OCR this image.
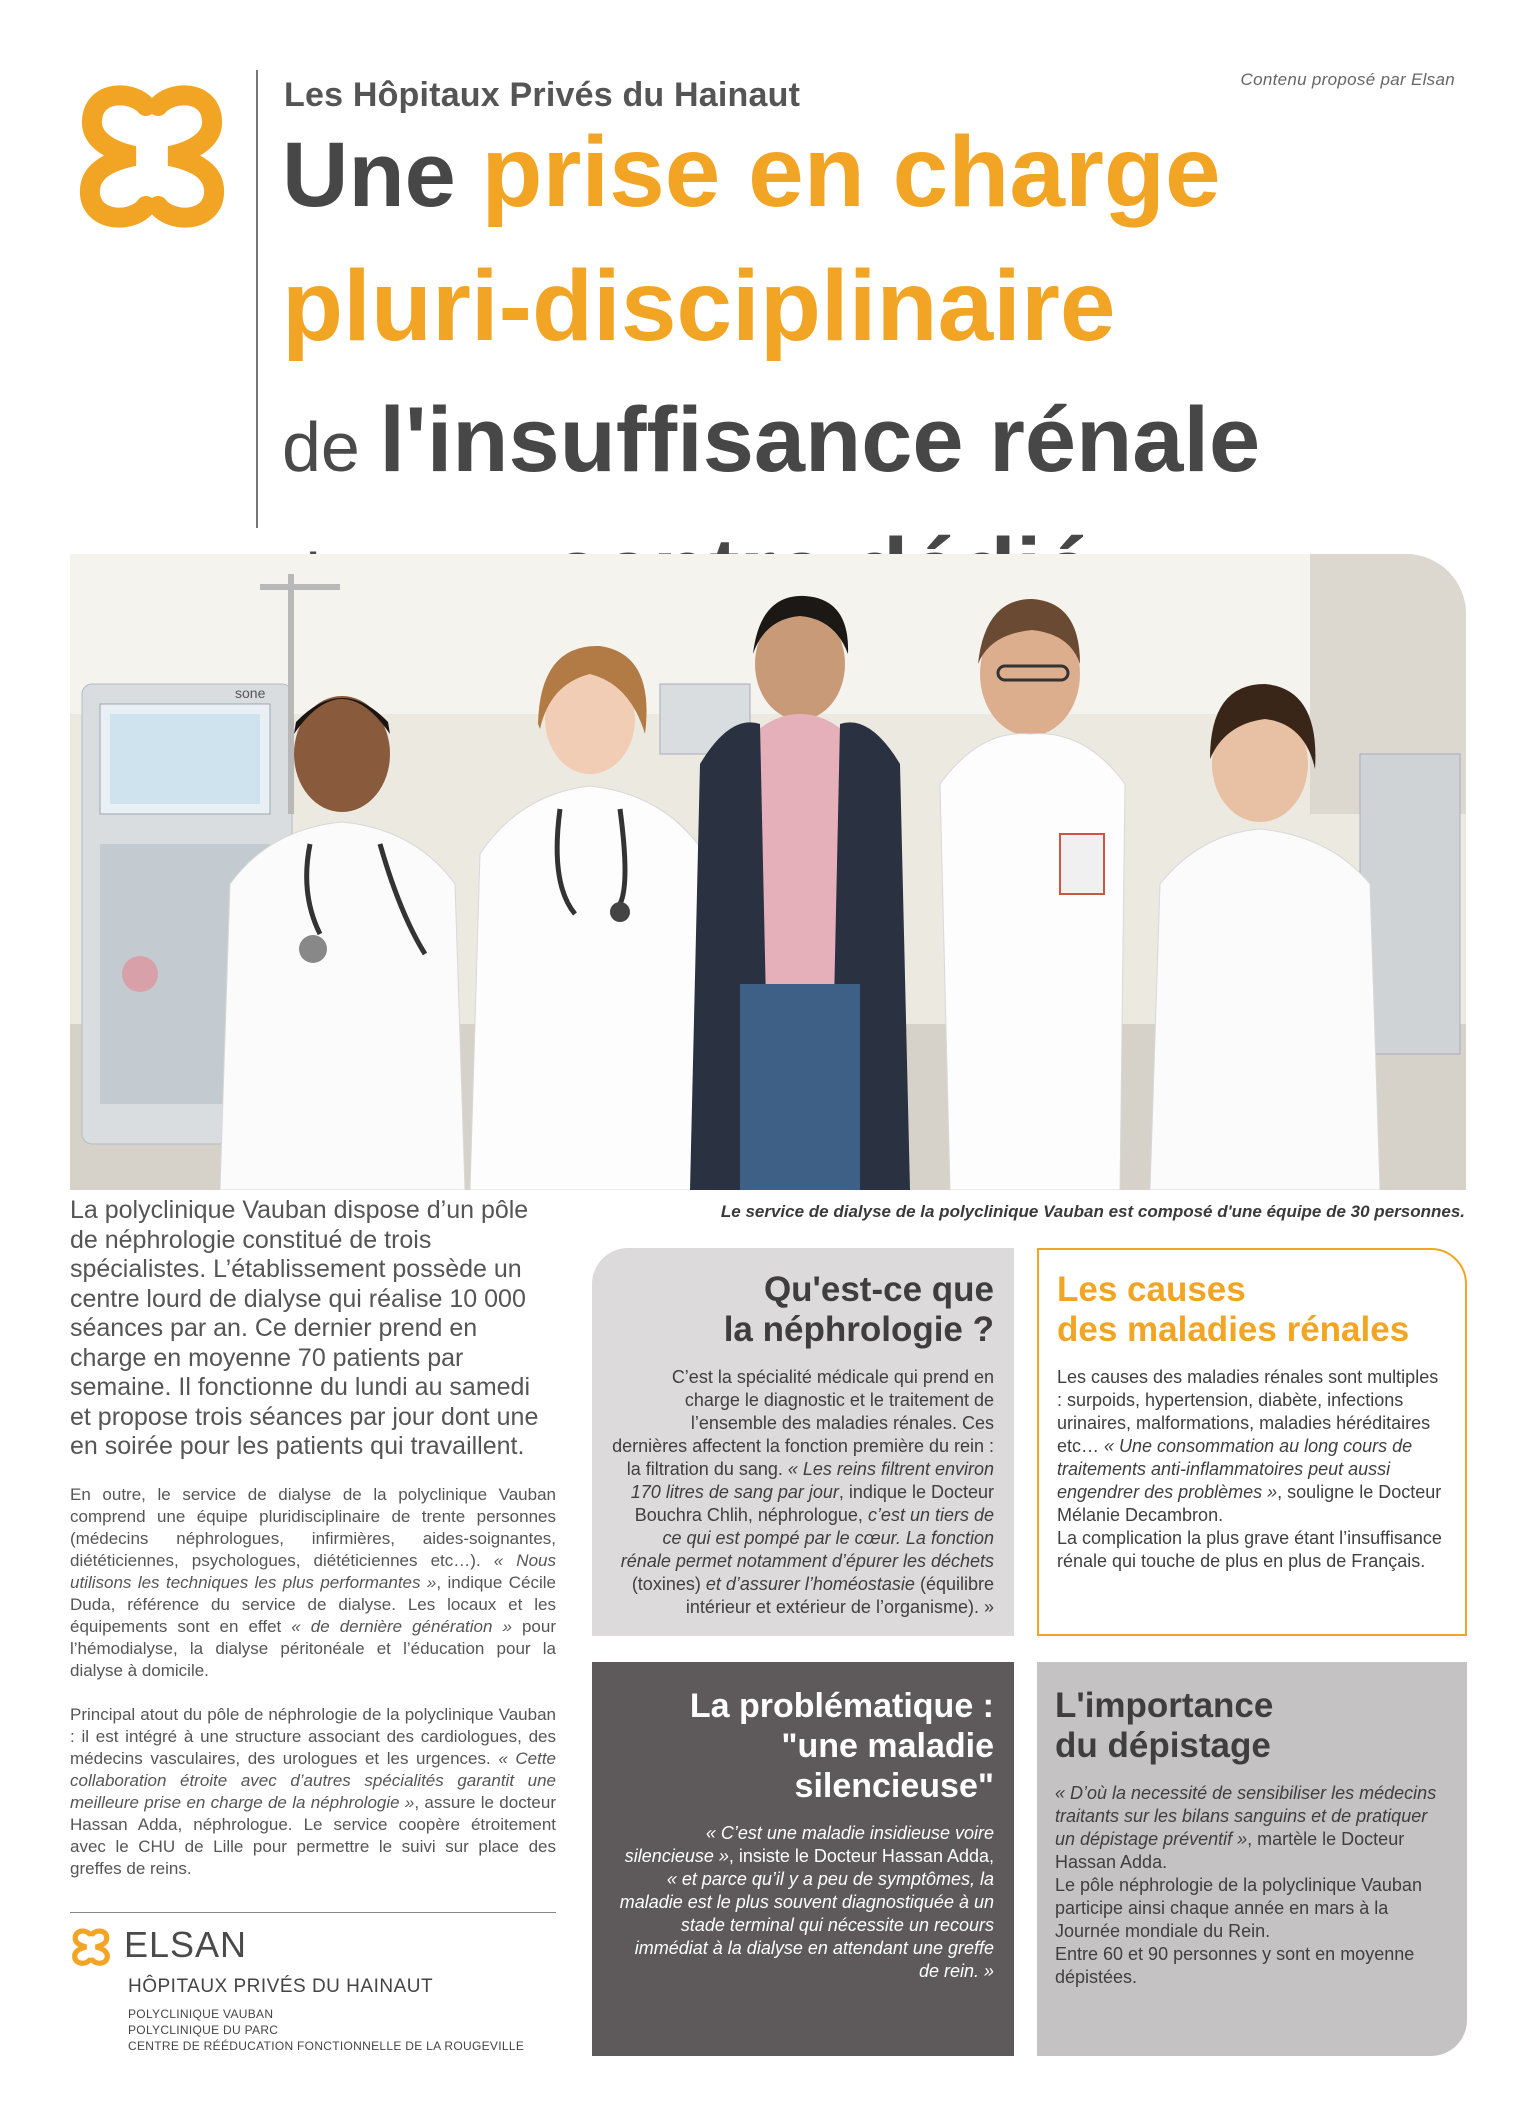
Les Hôpitaux Privés du Hainaut	Contenu proposé par Elsan
Une prise en charge
pluri-disciplinaire
de l'insuffisance rénale
sone
Le service de dialyse de la polyclinique Vauban est composé d'une équipe de 30 personnes.
La polyclinique Vauban dispose d’un pôle de néphrologie constitué de trois spécialistes. L’établissement possède un centre lourd de dialyse qui réalise 10 000 séances par an. Ce dernier prend en charge en moyenne 70 patients par semaine. Il fonctionne du lundi au samedi et propose trois séances par jour dont une en soirée pour les patients qui travaillent.
En outre, le service de dialyse de la polyclinique Vauban comprend une équipe pluridisciplinaire de trente personnes (médecins néphrologues, infirmières, aides-soignantes, diététiciennes, psychologues, diététiciennes etc…). « Nous utilisons les techniques les plus performantes », indique Cécile Duda, référence du service de dialyse. Les locaux et les équipements sont en effet « de dernière génération » pour l’hémodialyse, la dialyse péritonéale et l’éducation pour la dialyse à domicile.
Principal atout du pôle de néphrologie de la polyclinique Vauban : il est intégré à une structure associant des cardiologues, des médecins vasculaires, des urologues et les urgences. « Cette collaboration étroite avec d’autres spécialités garantit une meilleure prise en charge de la néphrologie », assure le docteur Hassan Adda, néphrologue. Le service coopère étroitement avec le CHU de Lille pour permettre le suivi sur place des greffes de reins.
ELSAN
HÔPITAUX PRIVÉS DU HAINAUT
POLYCLINIQUE VAUBAN
POLYCLINIQUE DU PARC
CENTRE DE RÉÉDUCATION FONCTIONNELLE DE LA ROUGEVILLE
Qu'est-ce que
la néphrologie ?
C’est la spécialité médicale qui prend en charge le diagnostic et le traitement de l’ensemble des maladies rénales. Ces dernières affectent la fonction première du rein : la filtration du sang. « Les reins filtrent environ 170 litres de sang par jour, indique le Docteur Bouchra Chlih, néphrologue, c’est un tiers de ce qui est pompé par le cœur. La fonction rénale permet notamment d’épurer les déchets (toxines) et d’assurer l’homéostasie (équilibre intérieur et extérieur de l’organisme). »
Les causes
des maladies rénales
Les causes des maladies rénales sont multiples : surpoids, hypertension, diabète, infections urinaires, malformations, maladies héréditaires etc… « Une consommation au long cours de traitements anti-inflammatoires peut aussi engendrer des problèmes », souligne le Docteur Mélanie Decambron.
La complication la plus grave étant l’insuffisance rénale qui touche de plus en plus de Français.
La problématique :
"une maladie silencieuse"
« C’est une maladie insidieuse voire silencieuse », insiste le Docteur Hassan Adda, « et parce qu’il y a peu de symptômes, la maladie est le plus souvent diagnostiquée à un stade terminal qui nécessite un recours immédiat à la dialyse en attendant une greffe de rein. »
L'importance
du dépistage
« D’où la necessité de sensibiliser les médecins traitants sur les bilans sanguins et de pratiquer un dépistage préventif », martèle le Docteur Hassan Adda.
Le pôle néphrologie de la polyclinique Vauban participe ainsi chaque année en mars à la Journée mondiale du Rein.
Entre 60 et 90 personnes y sont en moyenne dépistées.
